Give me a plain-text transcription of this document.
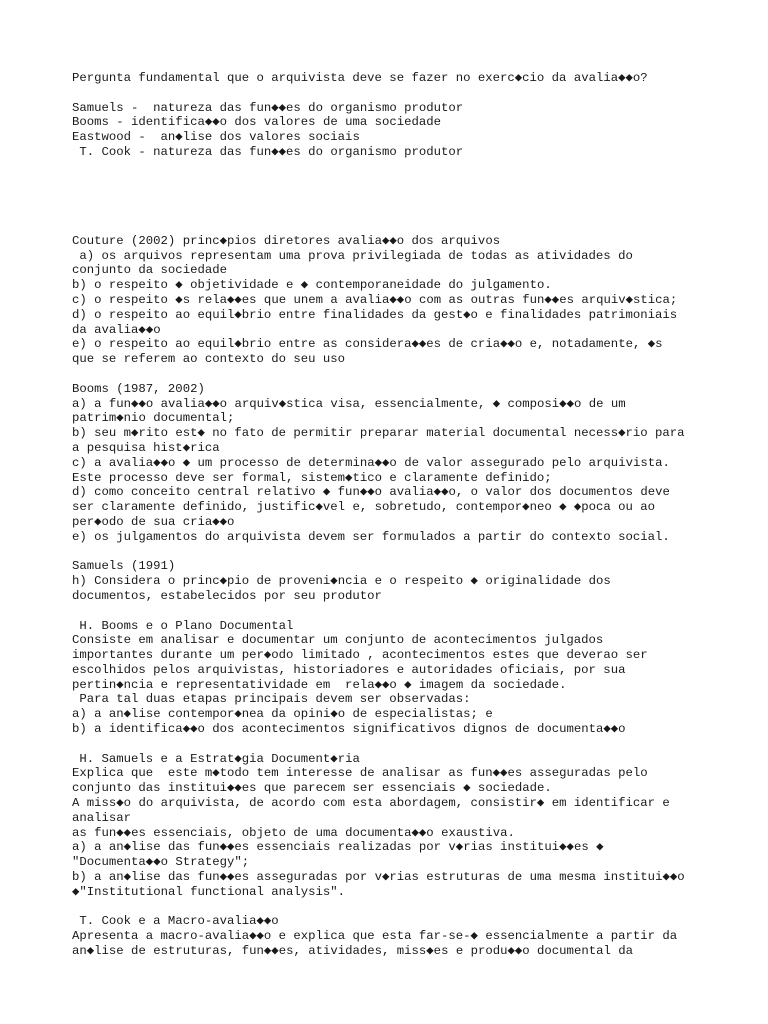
Pergunta fundamental que o arquivista deve se fazer no exerc◆cio da avalia◆◆o?
Samuels -  natureza das fun◆◆es do organismo produtor
Booms - identifica◆◆o dos valores de uma sociedade
Eastwood -  an◆lise dos valores sociais
T. Cook - natureza das fun◆◆es do organismo produtor
Couture (2002) princ◆pios diretores avalia◆◆o dos arquivos
a) os arquivos representam uma prova privilegiada de todas as atividades do
conjunto da sociedade
b) o respeito ◆ objetividade e ◆ contemporaneidade do julgamento.
c) o respeito ◆s rela◆◆es que unem a avalia◆◆o com as outras fun◆◆es arquiv◆stica;
d) o respeito ao equil◆brio entre finalidades da gest◆o e finalidades patrimoniais
da avalia◆◆o
e) o respeito ao equil◆brio entre as considera◆◆es de cria◆◆o e, notadamente, ◆s
que se referem ao contexto do seu uso
Booms (1987, 2002)
a) a fun◆◆o avalia◆◆o arquiv◆stica visa, essencialmente, ◆ composi◆◆o de um
patrim◆nio documental;
b) seu m◆rito est◆ no fato de permitir preparar material documental necess◆rio para
a pesquisa hist◆rica
c) a avalia◆◆o ◆ um processo de determina◆◆o de valor assegurado pelo arquivista.
Este processo deve ser formal, sistem◆tico e claramente definido;
d) como conceito central relativo ◆ fun◆◆o avalia◆◆o, o valor dos documentos deve
ser claramente definido, justific◆vel e, sobretudo, contempor◆neo ◆ ◆poca ou ao
per◆odo de sua cria◆◆o
e) os julgamentos do arquivista devem ser formulados a partir do contexto social.
Samuels (1991)
h) Considera o princ◆pio de proveni◆ncia e o respeito ◆ originalidade dos
documentos, estabelecidos por seu produtor
H. Booms e o Plano Documental
Consiste em analisar e documentar um conjunto de acontecimentos julgados
importantes durante um per◆odo limitado , acontecimentos estes que deverao ser
escolhidos pelos arquivistas, historiadores e autoridades oficiais, por sua
pertin◆ncia e representatividade em  rela◆◆o ◆ imagem da sociedade.
Para tal duas etapas principais devem ser observadas:
a) a an◆lise contempor◆nea da opini◆o de especialistas; e
b) a identifica◆◆o dos acontecimentos significativos dignos de documenta◆◆o
H. Samuels e a Estrat◆gia Document◆ria
Explica que  este m◆todo tem interesse de analisar as fun◆◆es asseguradas pelo
conjunto das institui◆◆es que parecem ser essenciais ◆ sociedade.
A miss◆o do arquivista, de acordo com esta abordagem, consistir◆ em identificar e
analisar
as fun◆◆es essenciais, objeto de uma documenta◆◆o exaustiva.
a) a an◆lise das fun◆◆es essenciais realizadas por v◆rias institui◆◆es ◆
"Documenta◆◆o Strategy";
b) a an◆lise das fun◆◆es asseguradas por v◆rias estruturas de uma mesma institui◆◆o
◆"Institutional functional analysis".
T. Cook e a Macro-avalia◆◆o
Apresenta a macro-avalia◆◆o e explica que esta far-se-◆ essencialmente a partir da
an◆lise de estruturas, fun◆◆es, atividades, miss◆es e produ◆◆o documental da
